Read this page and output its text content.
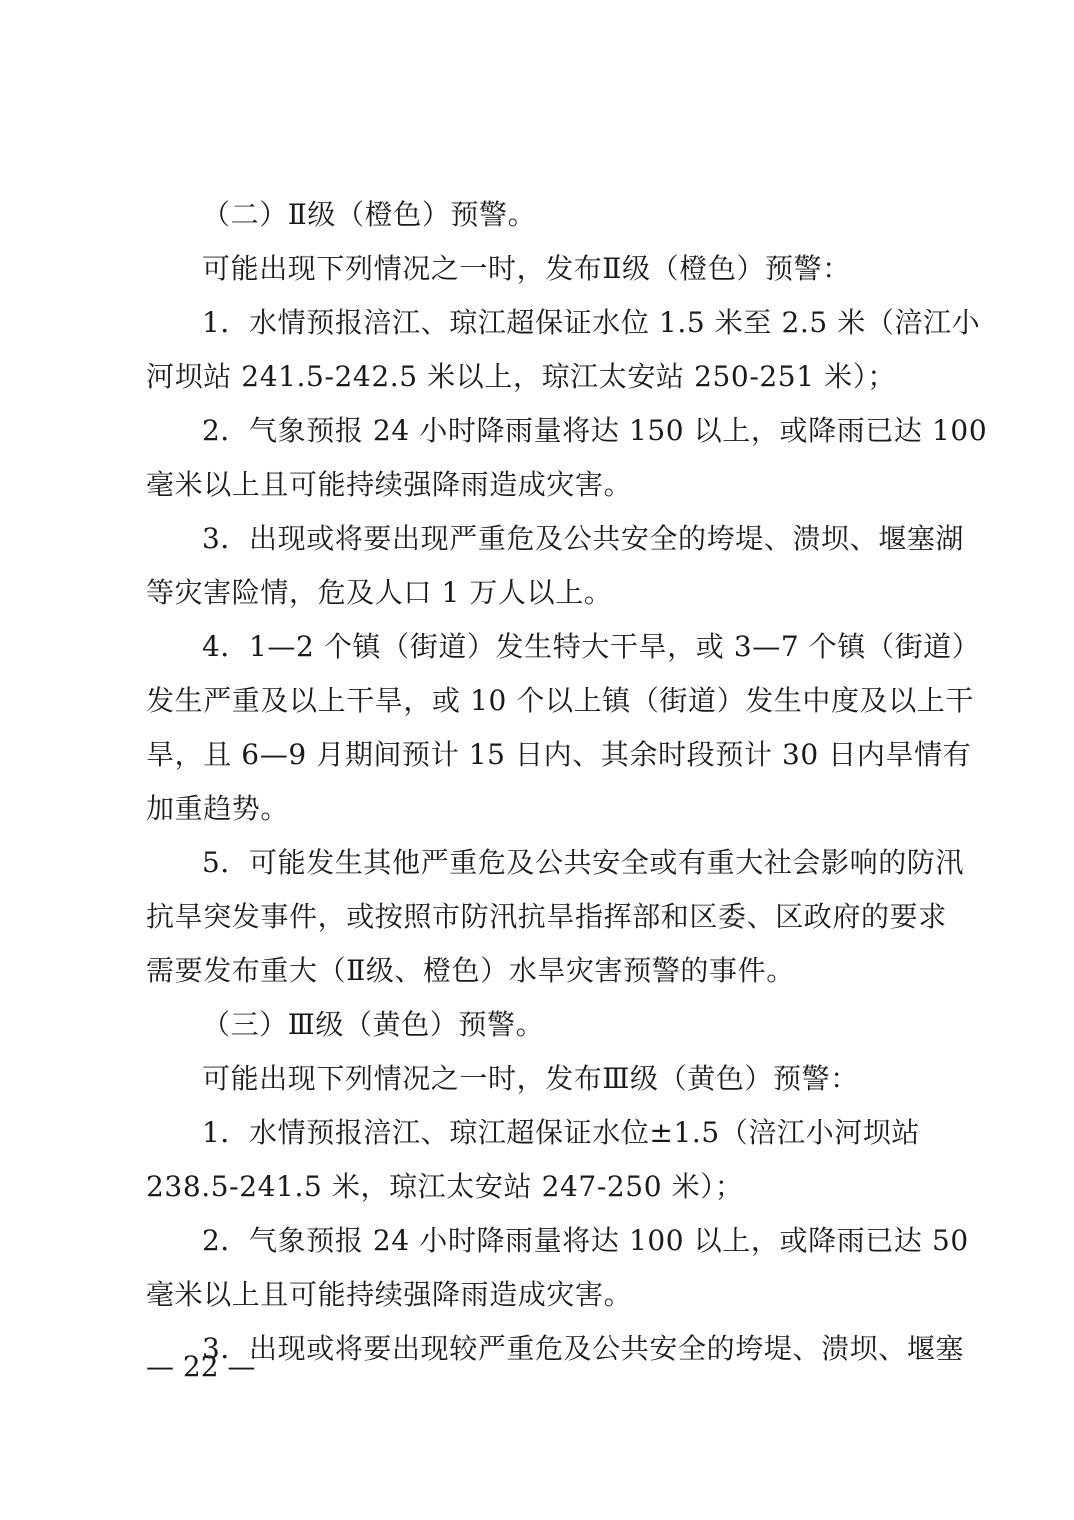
（二）Ⅱ级（橙色）预警。
可能出现下列情况之一时，发布Ⅱ级（橙色）预警：
1．水情预报涪江、琼江超保证水位 1.5 米至 2.5 米（涪江小
河坝站 241.5-242.5 米以上，琼江太安站 250-251 米）；
2．气象预报 24 小时降雨量将达 150 以上，或降雨已达 100
毫米以上且可能持续强降雨造成灾害。
3．出现或将要出现严重危及公共安全的垮堤、溃坝、堰塞湖
等灾害险情，危及人口 1 万人以上。
4．1—2 个镇（街道）发生特大干旱，或 3—7 个镇（街道）
发生严重及以上干旱，或 10 个以上镇（街道）发生中度及以上干
旱，且 6—9 月期间预计 15 日内、其余时段预计 30 日内旱情有
加重趋势。
5．可能发生其他严重危及公共安全或有重大社会影响的防汛
抗旱突发事件，或按照市防汛抗旱指挥部和区委、区政府的要求
需要发布重大（Ⅱ级、橙色）水旱灾害预警的事件。
（三）Ⅲ级（黄色）预警。
可能出现下列情况之一时，发布Ⅲ级（黄色）预警：
1．水情预报涪江、琼江超保证水位±1.5（涪江小河坝站
238.5-241.5 米，琼江太安站 247-250 米）；
2．气象预报 24 小时降雨量将达 100 以上，或降雨已达 50
毫米以上且可能持续强降雨造成灾害。
3．出现或将要出现较严重危及公共安全的垮堤、溃坝、堰塞
— 22 —
